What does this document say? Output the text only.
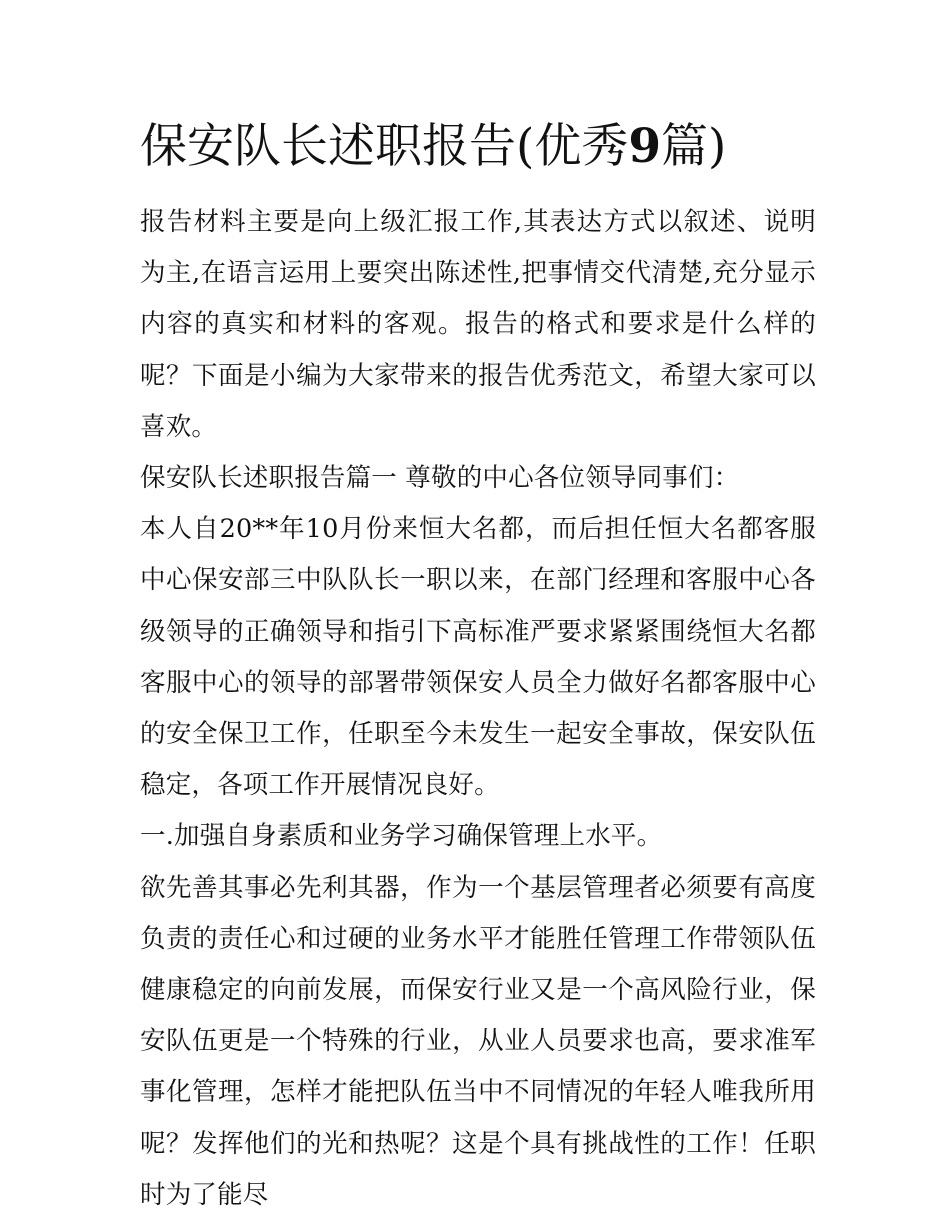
保安队长述职报告(优秀9篇)

报告材料主要是向上级汇报工作,其表达方式以叙述、说明为主,在语言运用上要突出陈述性,把事情交代清楚,充分显示内容的真实和材料的客观。报告的格式和要求是什么样的呢？下面是小编为大家带来的报告优秀范文，希望大家可以喜欢。

保安队长述职报告篇一 尊敬的中心各位领导同事们：

本人自20**年10月份来恒大名都，而后担任恒大名都客服中心保安部三中队队长一职以来，在部门经理和客服中心各级领导的正确领导和指引下高标准严要求紧紧围绕恒大名都客服中心的领导的部署带领保安人员全力做好名都客服中心的安全保卫工作，任职至今未发生一起安全事故，保安队伍稳定，各项工作开展情况良好。

一.加强自身素质和业务学习确保管理上水平。

欲先善其事必先利其器，作为一个基层管理者必须要有高度负责的责任心和过硬的业务水平才能胜任管理工作带领队伍健康稳定的向前发展，而保安行业又是一个高风险行业，保安队伍更是一个特殊的行业，从业人员要求也高，要求准军事化管理，怎样才能把队伍当中不同情况的年轻人唯我所用呢？发挥他们的光和热呢？这是个具有挑战性的工作！任职时为了能尽
